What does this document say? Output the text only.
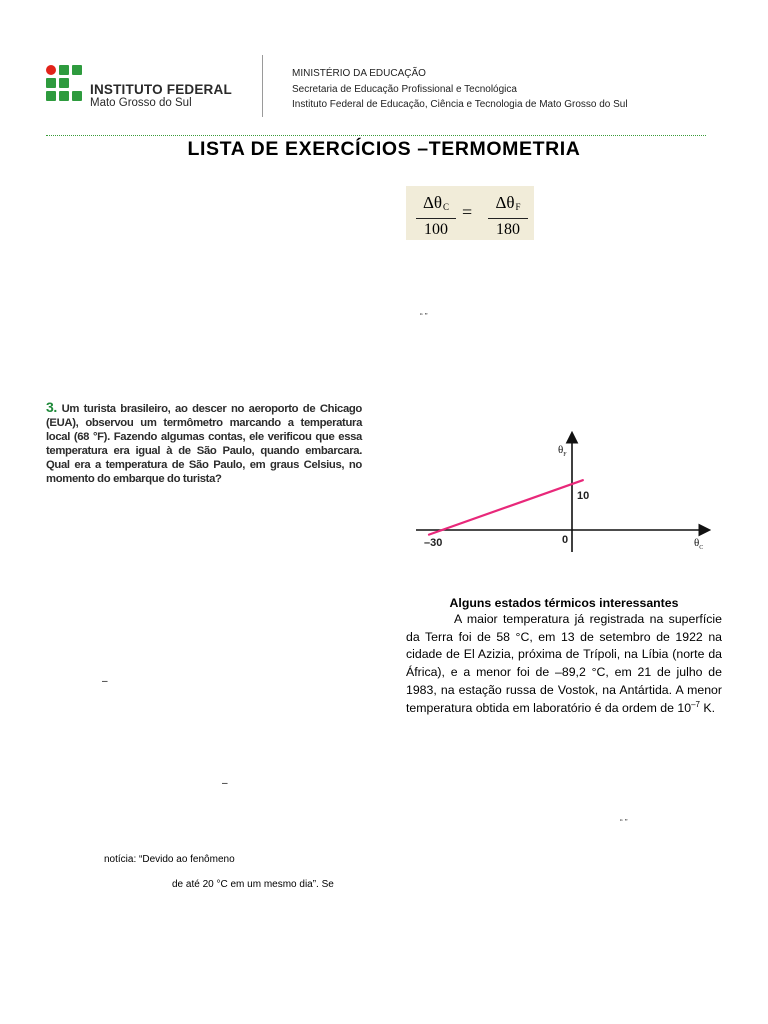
INSTITUTO FEDERAL
Mato Grosso do Sul
MINISTÉRIO DA EDUCAÇÃO
Secretaria de Educação Profissional e Tecnológica
Instituto Federal de Educação, Ciência e Tecnologia de Mato Grosso do Sul
LISTA DE EXERCÍCIOS –TERMOMETRIA
$\Delta\theta_C$
100
=	$\Delta\theta_F$
180
“ ”
3. Um turista brasileiro, ao descer no aeroporto de Chicago (EUA), observou um termômetro marcando a temperatura local (68 °F). Fazendo algumas contas, ele verificou que essa temperatura era igual à de São Paulo, quando embarcara. Qual era a temperatura de São Paulo, em graus Celsius, no momento do embarque do turista?
$\theta_F$
$\theta_C$
–30
10
0
Alguns estados térmicos interessantes
A maior temperatura já registrada na superfície da Terra foi de 58 °C, em 13 de setembro de 1922 na cidade de El Azizia, próxima de Trípoli, na Líbia (norte da África), e a menor foi de –89,2 °C, em 21 de julho de 1983, na estação russa de Vostok, na Antártida. A menor temperatura obtida em laboratório é da ordem de $10^{-7}$ K.
–
–
“ ”
notícia: “Devido ao fenômeno
de até 20 °C em um mesmo dia”. Se
